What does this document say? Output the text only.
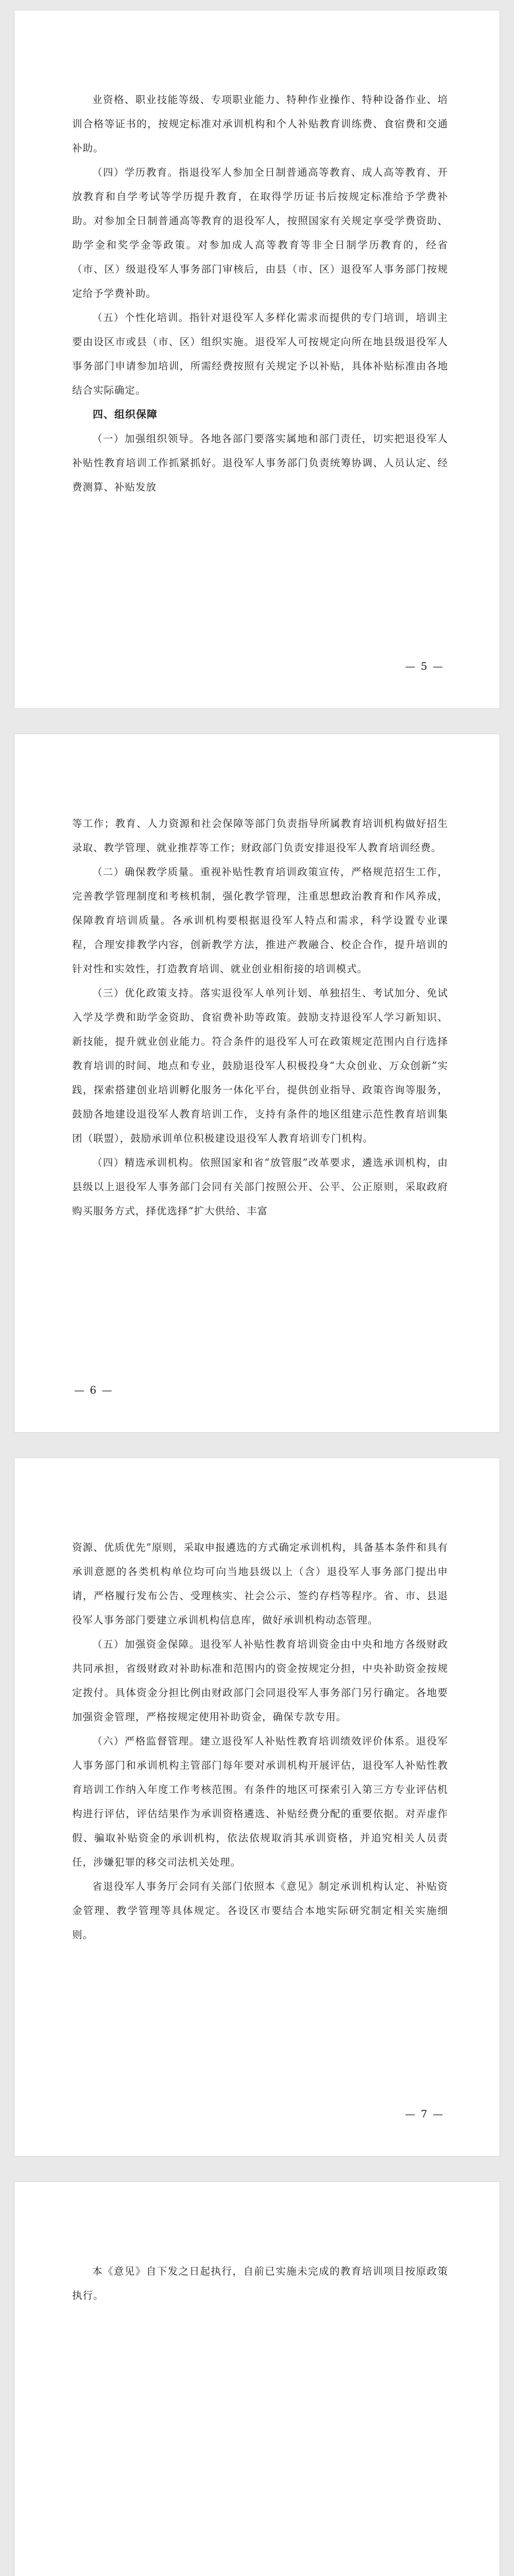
业资格、职业技能等级、专项职业能力、特种作业操作、特种设备作业、培训合格等证书的，按规定标准对承训机构和个人补贴教育训练费、食宿费和交通补助。

（四）学历教育。指退役军人参加全日制普通高等教育、成人高等教育、开放教育和自学考试等学历提升教育，在取得学历证书后按规定标准给予学费补助。对参加全日制普通高等教育的退役军人，按照国家有关规定享受学费资助、助学金和奖学金等政策。对参加成人高等教育等非全日制学历教育的，经省（市、区）级退役军人事务部门审核后，由县（市、区）退役军人事务部门按规定给予学费补助。

（五）个性化培训。指针对退役军人多样化需求而提供的专门培训，培训主要由设区市或县（市、区）组织实施。退役军人可按规定向所在地县级退役军人事务部门申请参加培训，所需经费按照有关规定予以补贴，具体补贴标准由各地结合实际确定。

四、组织保障

（一）加强组织领导。各地各部门要落实属地和部门责任，切实把退役军人补贴性教育培训工作抓紧抓好。退役军人事务部门负责统筹协调、人员认定、经费测算、补贴发放

— 5 —

等工作；教育、人力资源和社会保障等部门负责指导所属教育培训机构做好招生录取、教学管理、就业推荐等工作；财政部门负责安排退役军人教育培训经费。

（二）确保教学质量。重视补贴性教育培训政策宣传，严格规范招生工作，完善教学管理制度和考核机制，强化教学管理，注重思想政治教育和作风养成，保障教育培训质量。各承训机构要根据退役军人特点和需求，科学设置专业课程，合理安排教学内容，创新教学方法，推进产教融合、校企合作，提升培训的针对性和实效性，打造教育培训、就业创业相衔接的培训模式。

（三）优化政策支持。落实退役军人单列计划、单独招生、考试加分、免试入学及学费和助学金资助、食宿费补助等政策。鼓励支持退役军人学习新知识、新技能，提升就业创业能力。符合条件的退役军人可在政策规定范围内自行选择教育培训的时间、地点和专业，鼓励退役军人积极投身“大众创业、万众创新”实践，探索搭建创业培训孵化服务一体化平台，提供创业指导、政策咨询等服务，鼓励各地建设退役军人教育培训工作，支持有条件的地区组建示范性教育培训集团（联盟），鼓励承训单位积极建设退役军人教育培训专门机构。

（四）精选承训机构。依照国家和省“放管服”改革要求，遴选承训机构，由县级以上退役军人事务部门会同有关部门按照公开、公平、公正原则，采取政府购买服务方式，择优选择“扩大供给、丰富

— 6 —

资源、优质优先”原则，采取申报遴选的方式确定承训机构，具备基本条件和具有承训意愿的各类机构单位均可向当地县级以上（含）退役军人事务部门提出申请，严格履行发布公告、受理核实、社会公示、签约存档等程序。省、市、县退役军人事务部门要建立承训机构信息库，做好承训机构动态管理。

（五）加强资金保障。退役军人补贴性教育培训资金由中央和地方各级财政共同承担，省级财政对补助标准和范围内的资金按规定分担，中央补助资金按规定拨付。具体资金分担比例由财政部门会同退役军人事务部门另行确定。各地要加强资金管理，严格按规定使用补助资金，确保专款专用。

（六）严格监督管理。建立退役军人补贴性教育培训绩效评价体系。退役军人事务部门和承训机构主管部门每年要对承训机构开展评估，退役军人补贴性教育培训工作纳入年度工作考核范围。有条件的地区可探索引入第三方专业评估机构进行评估，评估结果作为承训资格遴选、补贴经费分配的重要依据。对弄虚作假、骗取补贴资金的承训机构，依法依规取消其承训资格，并追究相关人员责任，涉嫌犯罪的移交司法机关处理。

省退役军人事务厅会同有关部门依照本《意见》制定承训机构认定、补贴资金管理、教学管理等具体规定。各设区市要结合本地实际研究制定相关实施细则。

— 7 —

本《意见》自下发之日起执行，自前已实施未完成的教育培训项目按原政策执行。
